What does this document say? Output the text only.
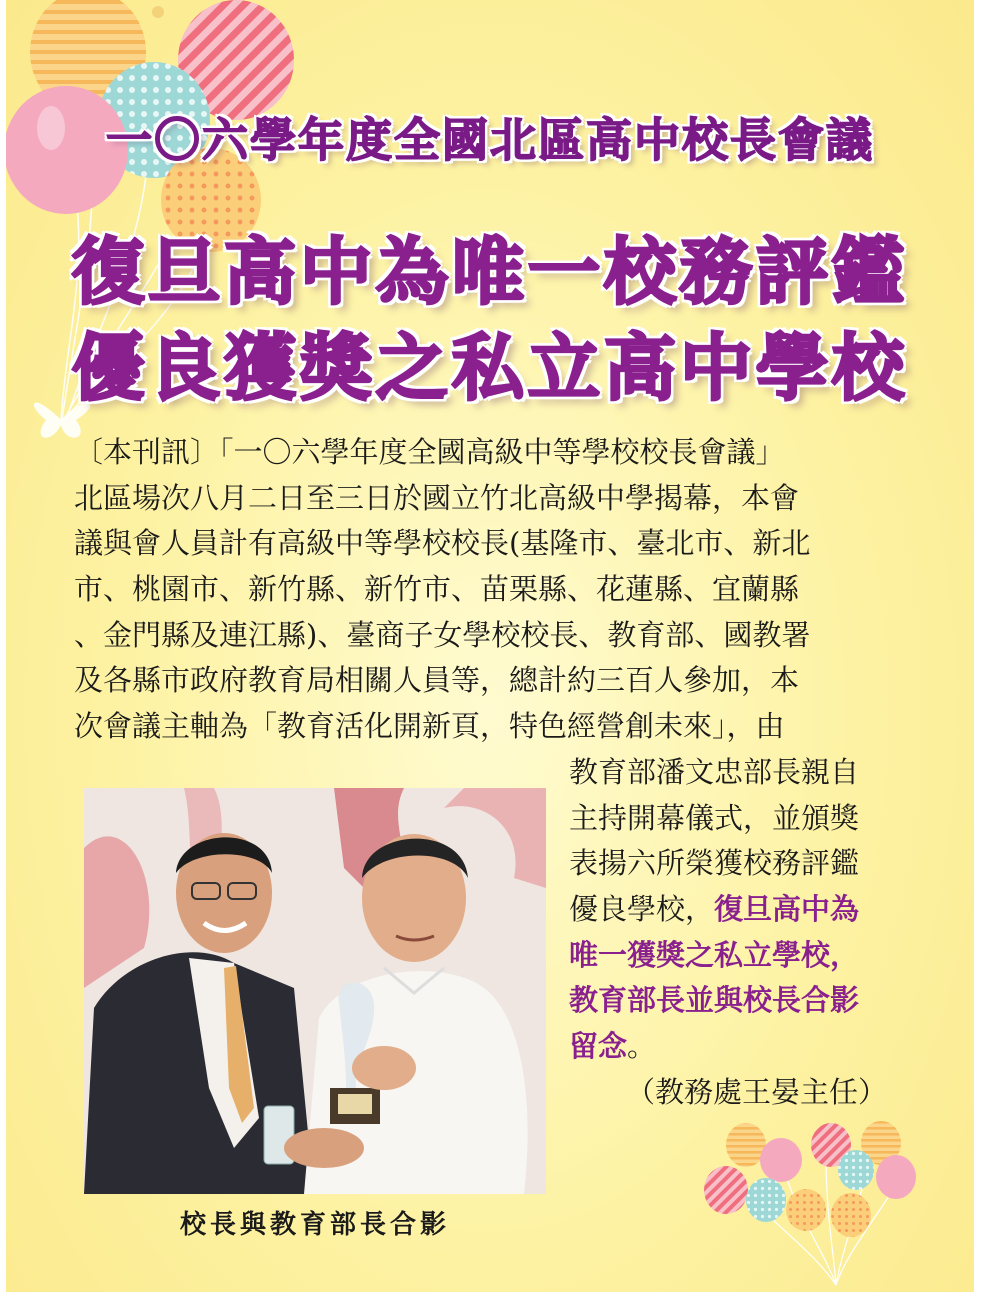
一〇六學年度全國北區高中校長會議
復旦高中為唯一校務評鑑
優良獲獎之私立高中學校
〔本刊訊〕「一〇六學年度全國高級中等學校校長會議」
北區場次八月二日至三日於國立竹北高級中學揭幕，本會
議與會人員計有高級中等學校校長(基隆市、臺北市、新北
市、桃園市、新竹縣、新竹市、苗栗縣、花蓮縣、宜蘭縣
、金門縣及連江縣)、臺商子女學校校長、教育部、國教署
及各縣市政府教育局相關人員等，總計約三百人參加，本
次會議主軸為「教育活化開新頁，特色經營創未來」，由
教育部潘文忠部長親自
主持開幕儀式，並頒獎
表揚六所榮獲校務評鑑
優良學校，復旦高中為
唯一獲獎之私立學校，
教育部長並與校長合影
留念。
（教務處王晏主任）
校長與教育部長合影
